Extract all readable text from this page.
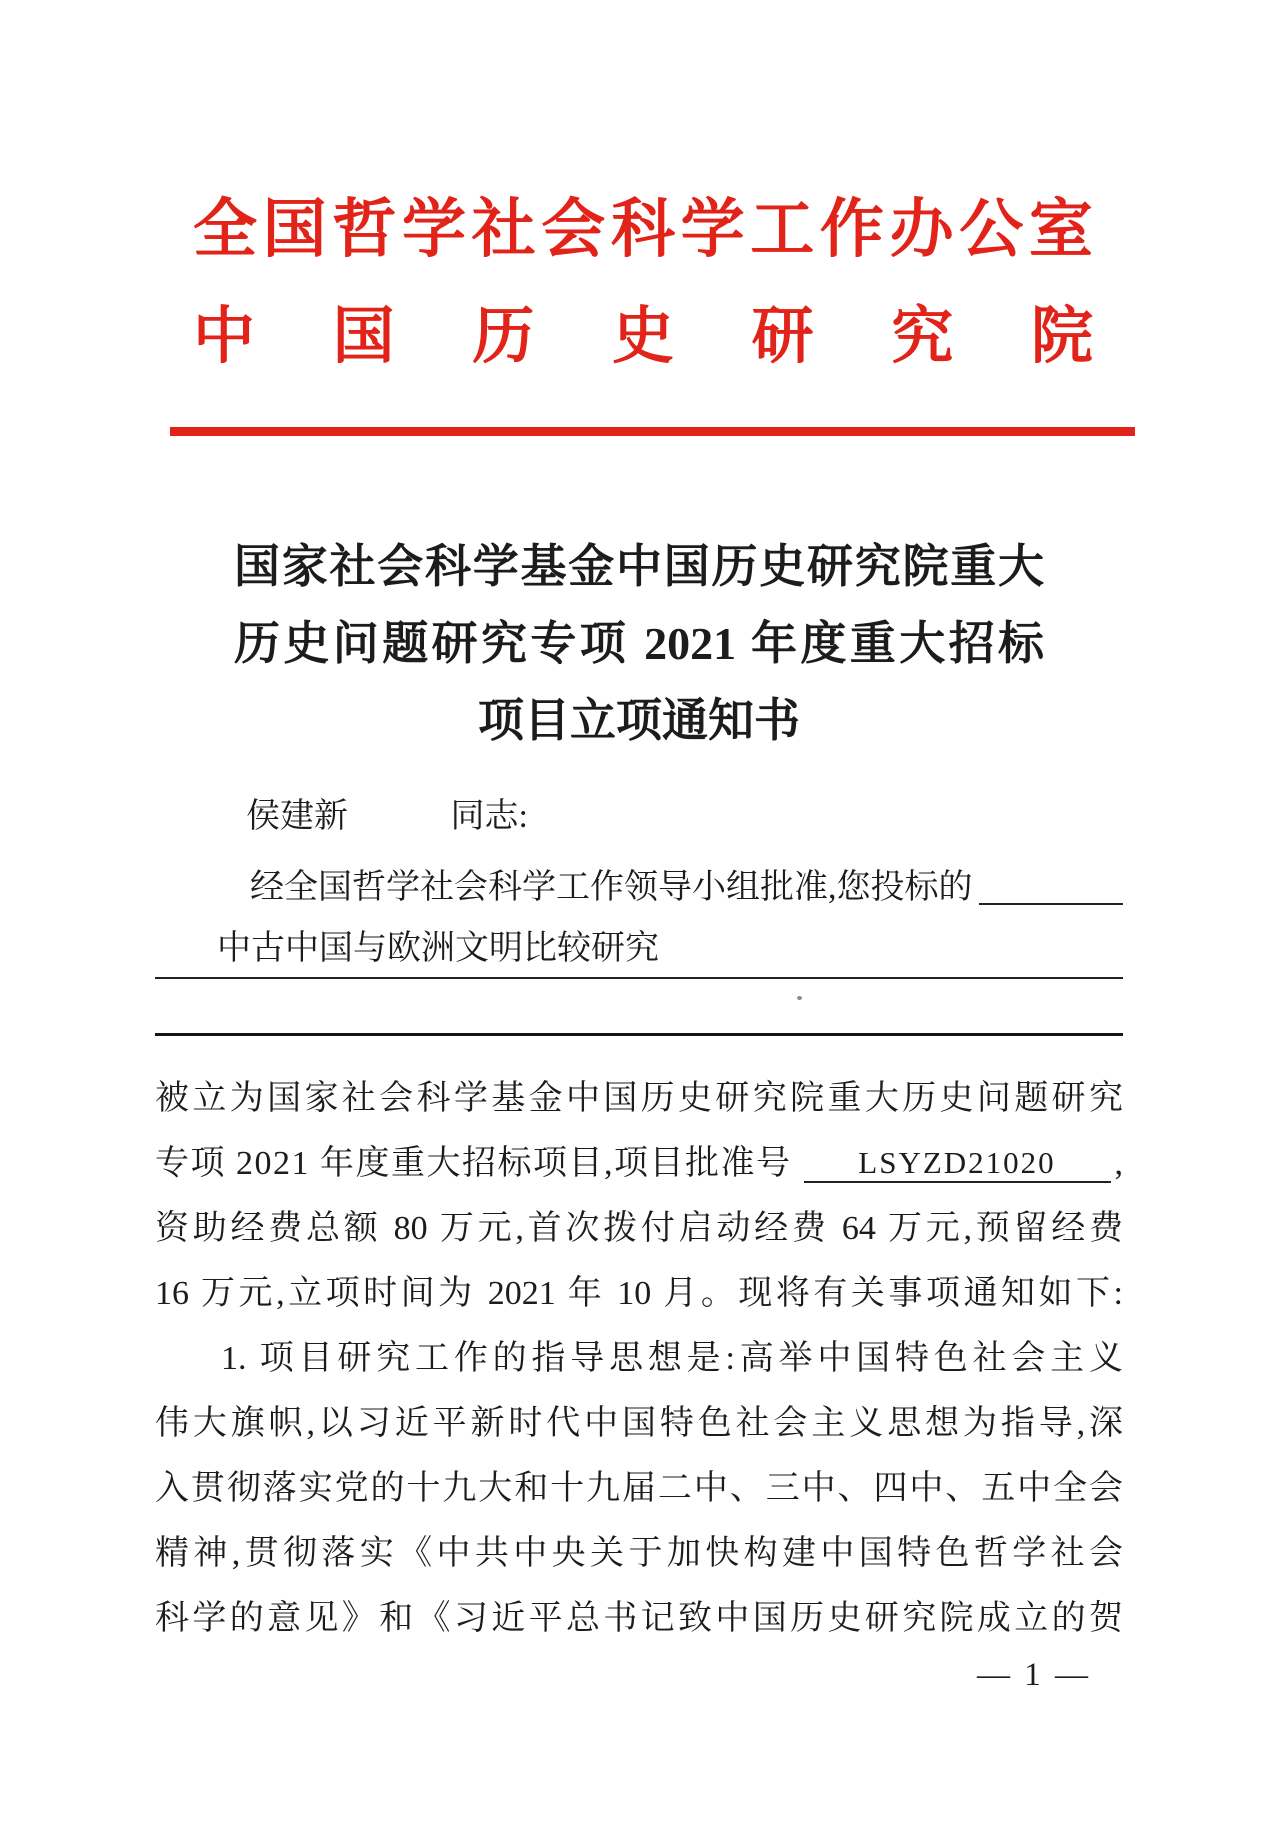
全 国 哲 学 社 会 科 学 工 作 办 公 室
中 国 历 史 研 究 院
国家社会科学基金中国历史研究院重大
历史问题研究专项 2021 年度重大招标
项目立项通知书
侯建新	同志:
经全国哲学社会科学工作领导小组批准,您投标的
中古中国与欧洲文明比较研究
被立为国家社会科学基金中国历史研究院重大历史问题研究
专项 2021 年度重大招标项目,项目批准号	LSYZD21020	,
资助经费总额 80 万元,首次拨付启动经费 64 万元,预留经费
16 万元,立项时间为 2021 年 10 月。现将有关事项通知如下:
1. 项目研究工作的指导思想是:高举中国特色社会主义
伟大旗帜,以习近平新时代中国特色社会主义思想为指导,深
入贯彻落实党的十九大和十九届二中、三中、四中、五中全会
精神,贯彻落实《中共中央关于加快构建中国特色哲学社会
科学的意见》和《习近平总书记致中国历史研究院成立的贺
— 1 —
